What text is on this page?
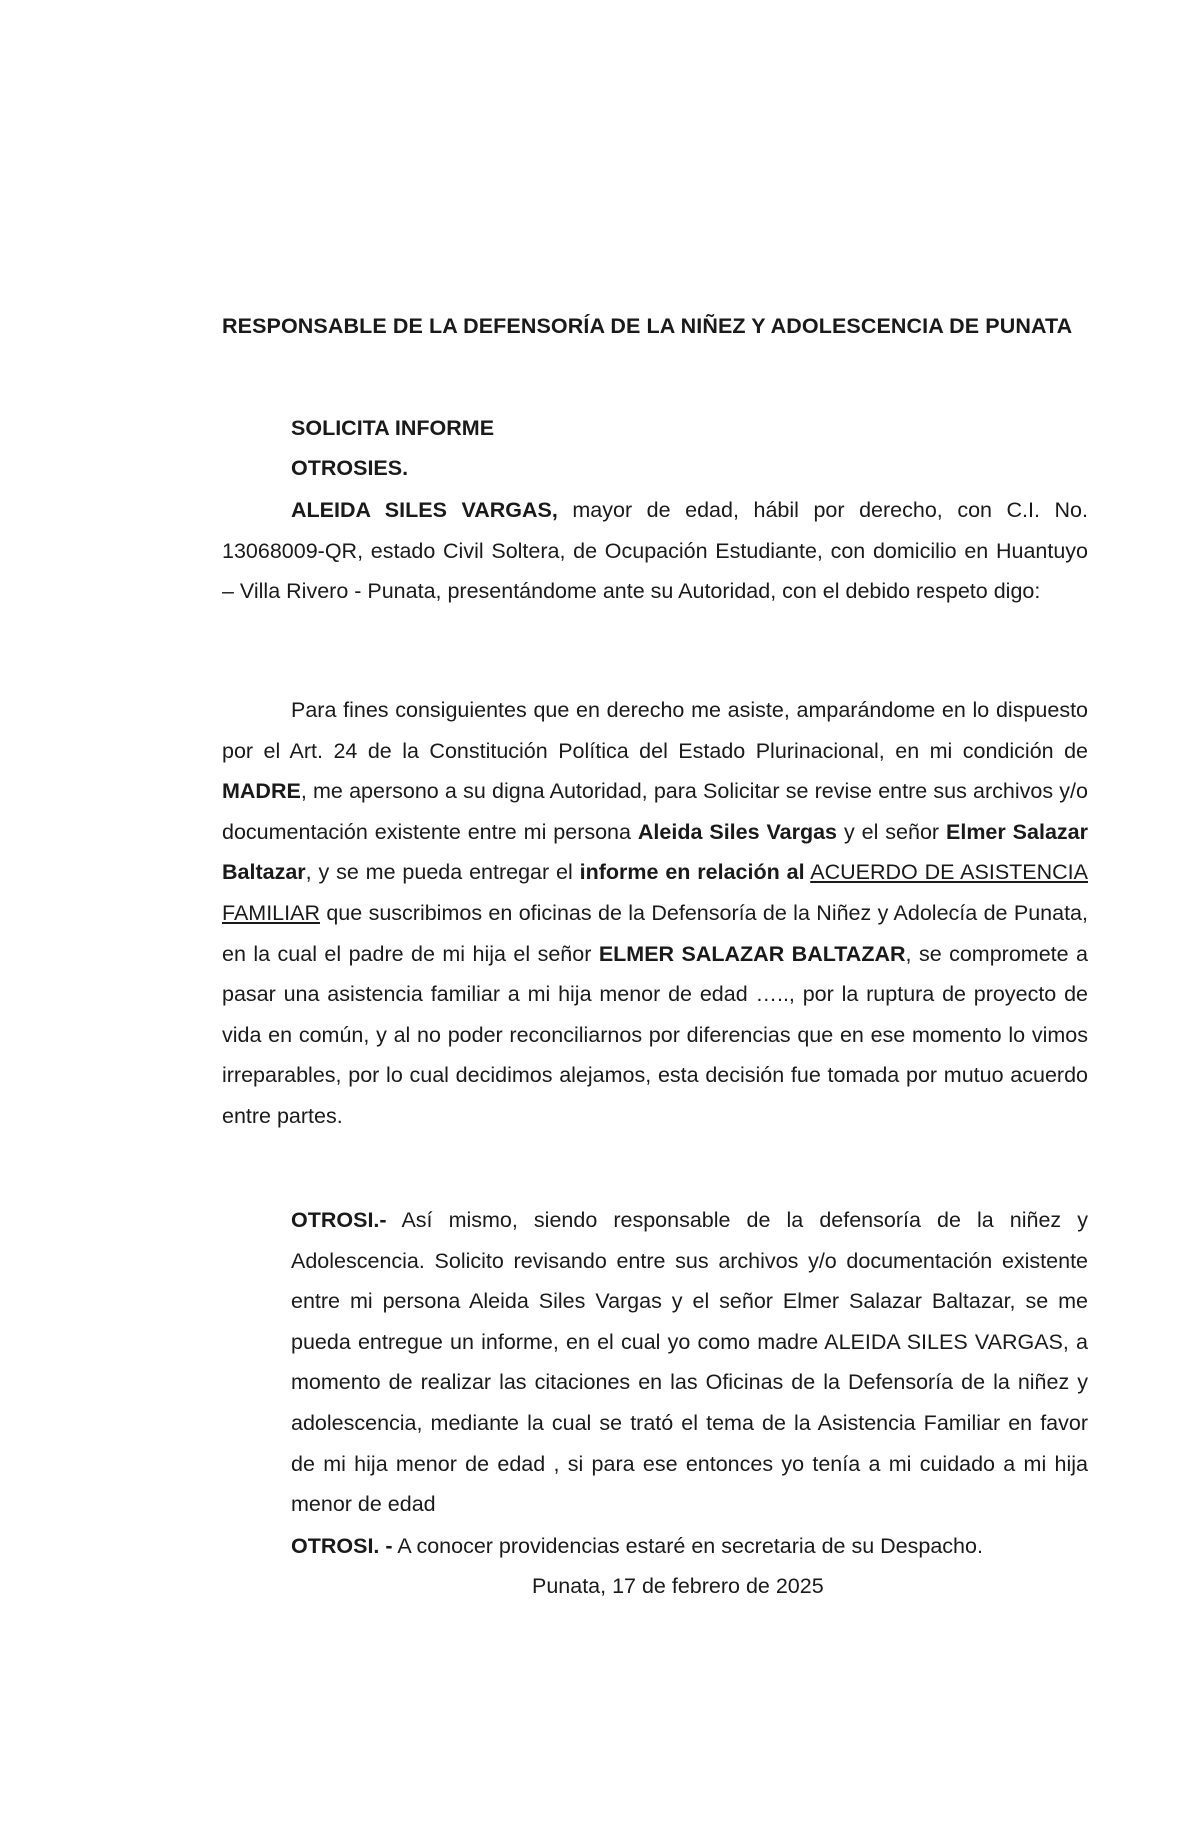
RESPONSABLE DE LA DEFENSORÍA DE LA NIÑEZ Y ADOLESCENCIA DE PUNATA
SOLICITA INFORME
OTROSIES.
ALEIDA SILES VARGAS, mayor de edad, hábil por derecho, con C.I. No. 13068009-QR, estado Civil Soltera, de Ocupación Estudiante, con domicilio en Huantuyo – Villa Rivero - Punata, presentándome ante su Autoridad, con el debido respeto digo:
Para fines consiguientes que en derecho me asiste, amparándome en lo dispuesto por el Art. 24 de la Constitución Política del Estado Plurinacional, en mi condición de MADRE, me apersono a su digna Autoridad, para Solicitar se revise entre sus archivos y/o documentación existente entre mi persona Aleida Siles Vargas y el señor Elmer Salazar Baltazar, y se me pueda entregar el informe en relación al ACUERDO DE ASISTENCIA FAMILIAR que suscribimos en oficinas de la Defensoría de la Niñez y Adolecía de Punata, en la cual el padre de mi hija el señor ELMER SALAZAR BALTAZAR, se compromete a pasar una asistencia familiar a mi hija menor de edad ….., por la ruptura de proyecto de vida en común, y al no poder reconciliarnos por diferencias que en ese momento lo vimos irreparables, por lo cual decidimos alejamos, esta decisión fue tomada por mutuo acuerdo entre partes.
OTROSI.- Así mismo, siendo responsable de la defensoría de la niñez y Adolescencia. Solicito revisando entre sus archivos y/o documentación existente entre mi persona Aleida Siles Vargas y el señor Elmer Salazar Baltazar, se me pueda entregue un informe, en el cual yo como madre ALEIDA SILES VARGAS, a momento de realizar las citaciones en las Oficinas de la Defensoría de la niñez y adolescencia, mediante la cual se trató el tema de la Asistencia Familiar en favor de mi hija menor de edad , si para ese entonces yo tenía a mi cuidado a mi hija menor de edad
OTROSI. - A conocer providencias estaré en secretaria de su Despacho.
Punata, 17 de febrero de 2025
